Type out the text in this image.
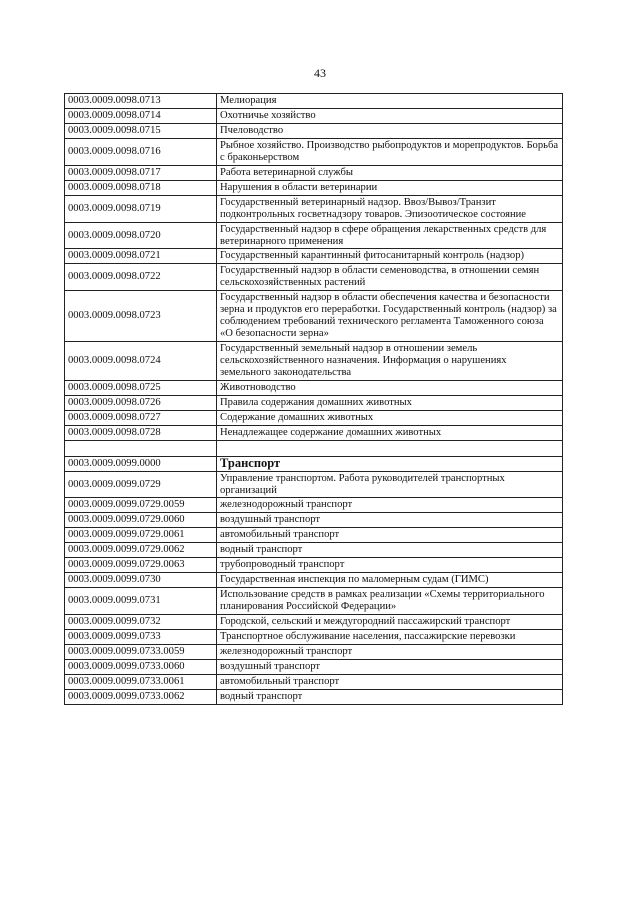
43
0003.0009.0098.0713	Мелиорация
0003.0009.0098.0714	Охотничье хозяйство
0003.0009.0098.0715	Пчеловодство
0003.0009.0098.0716	Рыбное хозяйство. Производство рыбопродуктов и морепродуктов. Борьба с браконьерством
0003.0009.0098.0717	Работа ветеринарной службы
0003.0009.0098.0718	Нарушения в области ветеринарии
0003.0009.0098.0719	Государственный ветеринарный надзор. Ввоз/Вывоз/Транзит подконтрольных госветнадзору товаров. Эпизоотическое состояние
0003.0009.0098.0720	Государственный надзор в сфере обращения лекарственных средств для ветеринарного применения
0003.0009.0098.0721	Государственный карантинный фитосанитарный контроль (надзор)
0003.0009.0098.0722	Государственный надзор в области семеноводства, в отношении семян сельскохозяйственных растений
0003.0009.0098.0723	Государственный надзор в области обеспечения качества и безопасности зерна и продуктов его переработки. Государственный контроль (надзор) за соблюдением требований технического регламента Таможенного союза «О безопасности зерна»
0003.0009.0098.0724	Государственный земельный надзор в отношении земель сельскохозяйственного назначения. Информация о нарушениях земельного законодательства
0003.0009.0098.0725	Животноводство
0003.0009.0098.0726	Правила содержания домашних животных
0003.0009.0098.0727	Содержание домашних животных
0003.0009.0098.0728	Ненадлежащее содержание домашних животных

0003.0009.0099.0000	Транспорт
0003.0009.0099.0729	Управление транспортом. Работа руководителей транспортных организаций
0003.0009.0099.0729.0059	железнодорожный транспорт
0003.0009.0099.0729.0060	воздушный транспорт
0003.0009.0099.0729.0061	автомобильный транспорт
0003.0009.0099.0729.0062	водный транспорт
0003.0009.0099.0729.0063	трубопроводный транспорт
0003.0009.0099.0730	Государственная инспекция по маломерным судам (ГИМС)
0003.0009.0099.0731	Использование средств в рамках реализации «Схемы территориального планирования Российской Федерации»
0003.0009.0099.0732	Городской, сельский и междугородний пассажирский транспорт
0003.0009.0099.0733	Транспортное обслуживание населения, пассажирские перевозки
0003.0009.0099.0733.0059	железнодорожный транспорт
0003.0009.0099.0733.0060	воздушный транспорт
0003.0009.0099.0733.0061	автомобильный транспорт
0003.0009.0099.0733.0062	водный транспорт
